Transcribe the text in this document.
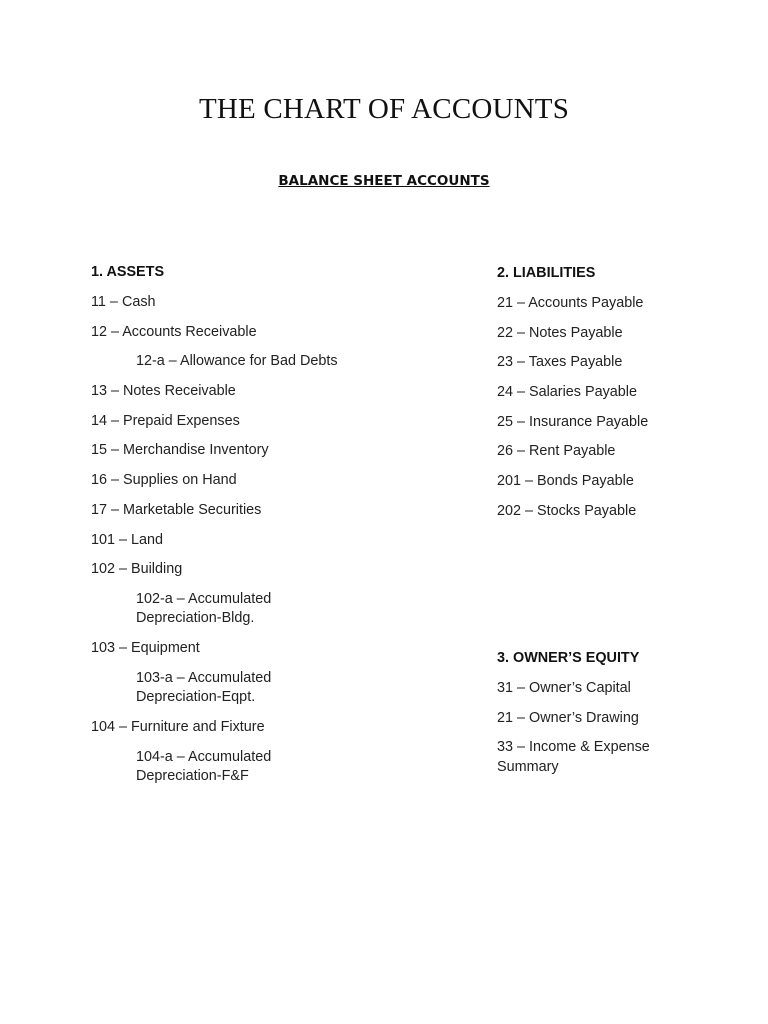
THE CHART OF ACCOUNTS
BALANCE SHEET ACCOUNTS
1. ASSETS
11 – Cash
12 – Accounts Receivable
12-a – Allowance for Bad Debts
13 – Notes Receivable
14 – Prepaid Expenses
15 – Merchandise Inventory
16 – Supplies on Hand
17 – Marketable Securities
101 – Land
102 – Building
102-a – Accumulated
Depreciation-Bldg.
103 – Equipment
103-a – Accumulated
Depreciation-Eqpt.
104 – Furniture and Fixture
104-a – Accumulated
Depreciation-F&F
2. LIABILITIES
21 – Accounts Payable
22 – Notes Payable
23 – Taxes Payable
24 – Salaries Payable
25 – Insurance Payable
26 – Rent Payable
201 – Bonds Payable
202 – Stocks Payable
3. OWNER’S EQUITY
31 – Owner’s Capital
21 – Owner’s Drawing
33 – Income & Expense
Summary
